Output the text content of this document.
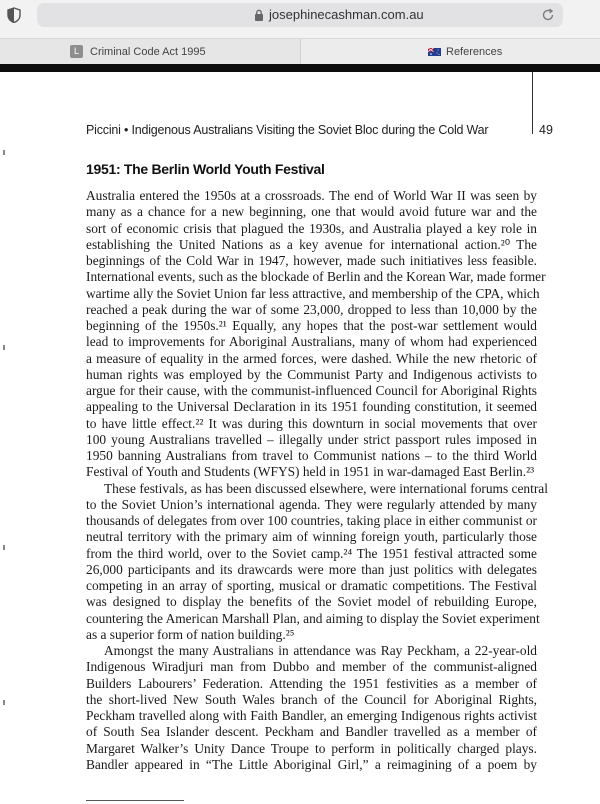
josephinecashman.com.au
L	Criminal Code Act 1995	References
Piccini • Indigenous Australians Visiting the Soviet Bloc during the Cold War	49
1951: The Berlin World Youth Festival
Australia entered the 1950s at a crossroads. The end of World War II was seen by
many as a chance for a new beginning, one that would avoid future war and the
sort of economic crisis that plagued the 1930s, and Australia played a key role in
establishing the United Nations as a key avenue for international action.²⁰ The
beginnings of the Cold War in 1947, however, made such initiatives less feasible.
International events, such as the blockade of Berlin and the Korean War, made former
wartime ally the Soviet Union far less attractive, and membership of the CPA, which
reached a peak during the war of some 23,000, dropped to less than 10,000 by the
beginning of the 1950s.²¹ Equally, any hopes that the post-war settlement would
lead to improvements for Aboriginal Australians, many of whom had experienced
a measure of equality in the armed forces, were dashed. While the new rhetoric of
human rights was employed by the Communist Party and Indigenous activists to
argue for their cause, with the communist-influenced Council for Aboriginal Rights
appealing to the Universal Declaration in its 1951 founding constitution, it seemed
to have little effect.²² It was during this downturn in social movements that over
100 young Australians travelled – illegally under strict passport rules imposed in
1950 banning Australians from travel to Communist nations – to the third World
Festival of Youth and Students (WFYS) held in 1951 in war-damaged East Berlin.²³
These festivals, as has been discussed elsewhere, were international forums central
to the Soviet Union’s international agenda. They were regularly attended by many
thousands of delegates from over 100 countries, taking place in either communist or
neutral territory with the primary aim of winning foreign youth, particularly those
from the third world, over to the Soviet camp.²⁴ The 1951 festival attracted some
26,000 participants and its drawcards were more than just politics with delegates
competing in an array of sporting, musical or dramatic competitions. The Festival
was designed to display the benefits of the Soviet model of rebuilding Europe,
countering the American Marshall Plan, and aiming to display the Soviet experiment
as a superior form of nation building.²⁵
Amongst the many Australians in attendance was Ray Peckham, a 22-year-old
Indigenous Wiradjuri man from Dubbo and member of the communist-aligned
Builders Labourers’ Federation. Attending the 1951 festivities as a member of
the short-lived New South Wales branch of the Council for Aboriginal Rights,
Peckham travelled along with Faith Bandler, an emerging Indigenous rights activist
of South Sea Islander descent. Peckham and Bandler travelled as a member of
Margaret Walker’s Unity Dance Troupe to perform in politically charged plays.
Bandler appeared in “The Little Aboriginal Girl,” a reimagining of a poem by
